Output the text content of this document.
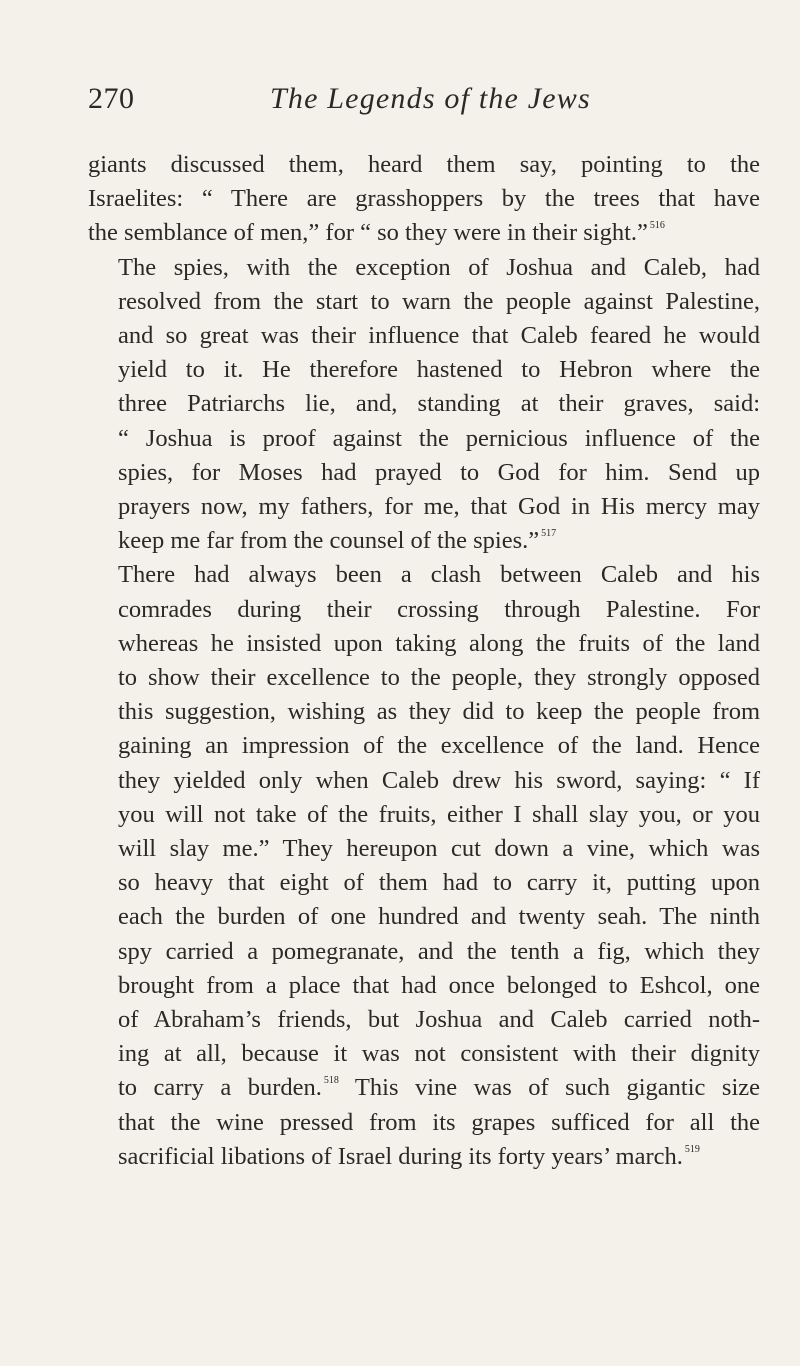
270	The Legends of the Jews

giants discussed them, heard them say, pointing to the
Israelites: “ There are grasshoppers by the trees that have
the semblance of men,” for “ so they were in their sight.” $^{516}$

The spies, with the exception of Joshua and Caleb, had
resolved from the start to warn the people against Palestine,
and so great was their influence that Caleb feared he would
yield to it. He therefore hastened to Hebron where the
three Patriarchs lie, and, standing at their graves, said:
“ Joshua is proof against the pernicious influence of the
spies, for Moses had prayed to God for him. Send up
prayers now, my fathers, for me, that God in His mercy may
keep me far from the counsel of the spies.” $^{517}$

There had always been a clash between Caleb and his
comrades during their crossing through Palestine. For
whereas he insisted upon taking along the fruits of the land
to show their excellence to the people, they strongly opposed
this suggestion, wishing as they did to keep the people from
gaining an impression of the excellence of the land. Hence
they yielded only when Caleb drew his sword, saying: “ If
you will not take of the fruits, either I shall slay you, or you
will slay me.” They hereupon cut down a vine, which was
so heavy that eight of them had to carry it, putting upon
each the burden of one hundred and twenty seah. The ninth
spy carried a pomegranate, and the tenth a fig, which they
brought from a place that had once belonged to Eshcol, one
of Abraham’s friends, but Joshua and Caleb carried noth-
ing at all, because it was not consistent with their dignity
to carry a burden. $^{518}$ This vine was of such gigantic size
that the wine pressed from its grapes sufficed for all the
sacrificial libations of Israel during its forty years’ march. $^{519}$
